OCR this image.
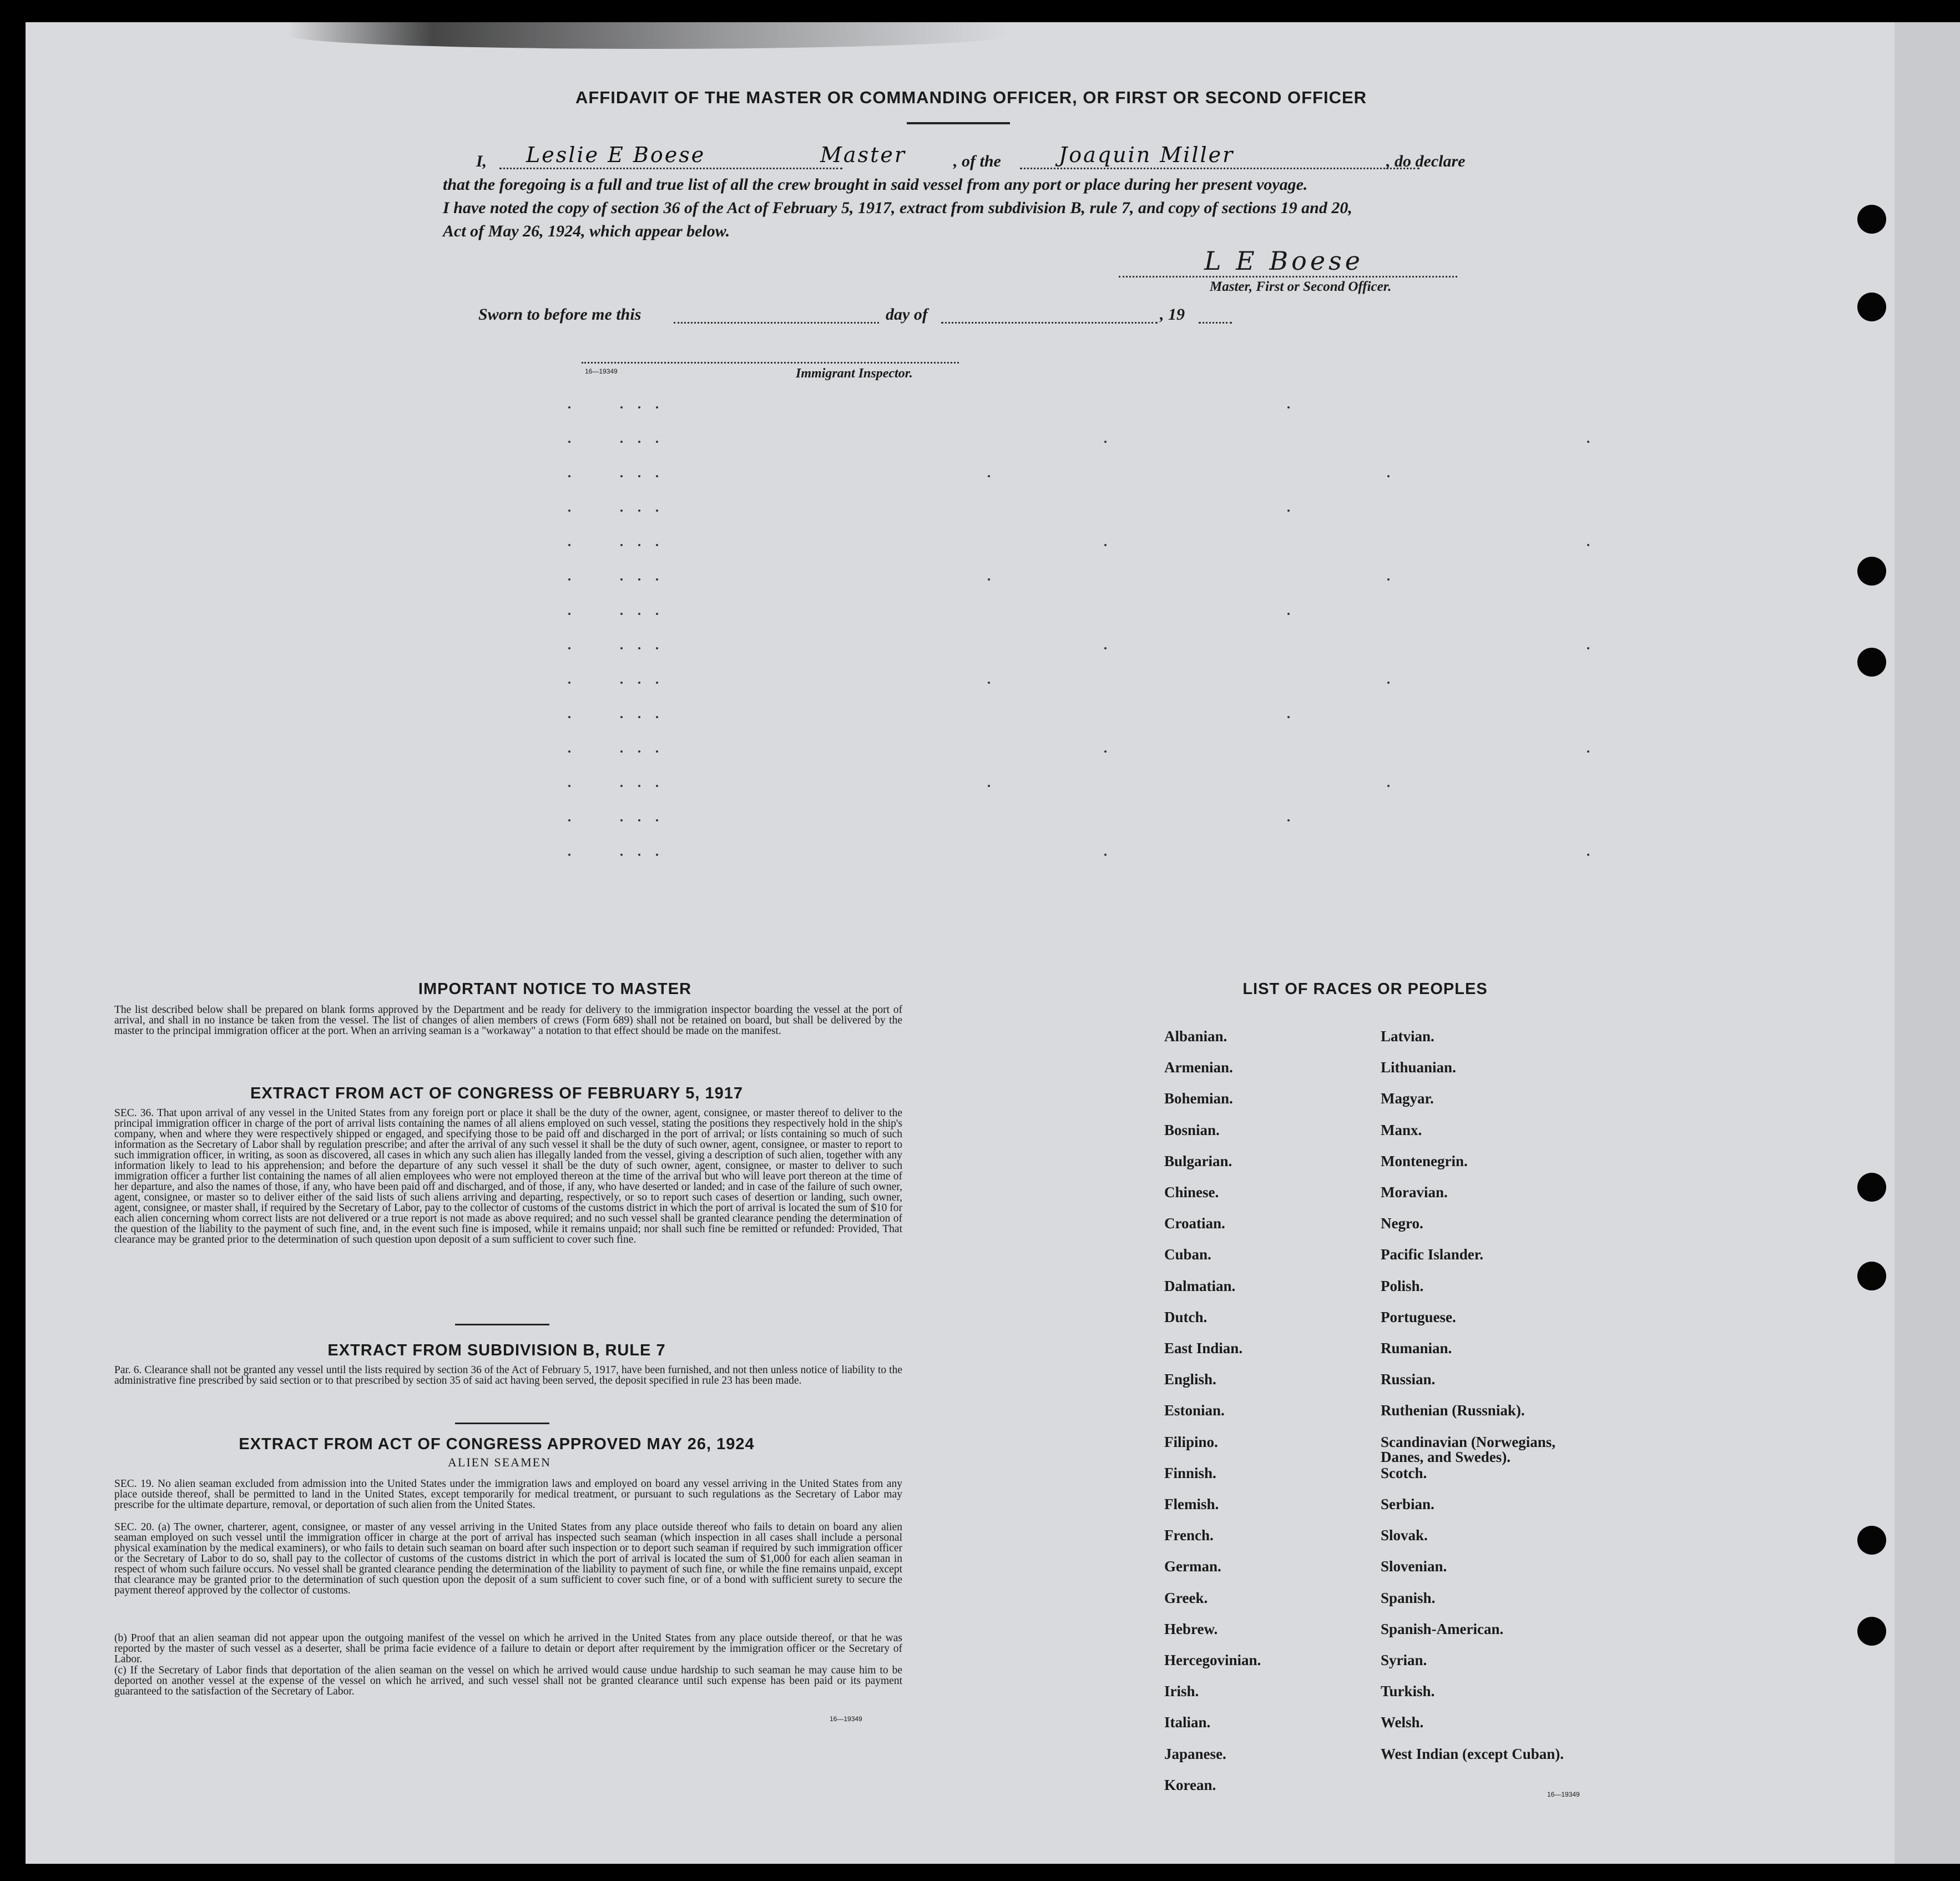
AFFIDAVIT OF THE MASTER OR COMMANDING OFFICER, OR FIRST OR SECOND OFFICER
I, Leslie E Boese	Master	, of the	Joaquin Miller	, do declare
that the foregoing is a full and true list of all the crew brought in said vessel from any port or place during her present voyage.
I have noted the copy of section 36 of the Act of February 5, 1917, extract from subdivision B, rule 7, and copy of sections 19 and 20,
Act of May 26, 1924, which appear below.
L E Boese
Master, First or Second Officer.
Sworn to before me this	day of	, 19
16—19349	Immigrant Inspector.
IMPORTANT NOTICE TO MASTER
The list described below shall be prepared on blank forms approved by the Department and be ready for delivery to the immigration inspector boarding the vessel at the port of arrival, and shall in no instance be taken from the vessel. The list of changes of alien members of crews (Form 689) shall not be retained on board, but shall be delivered by the master to the principal immigration officer at the port. When an arriving seaman is a "workaway" a notation to that effect should be made on the manifest.
EXTRACT FROM ACT OF CONGRESS OF FEBRUARY 5, 1917
SEC. 36. That upon arrival of any vessel in the United States from any foreign port or place it shall be the duty of the owner, agent, consignee, or master thereof to deliver to the principal immigration officer in charge of the port of arrival lists containing the names of all aliens employed on such vessel, stating the positions they respectively hold in the ship's company, when and where they were respectively shipped or engaged, and specifying those to be paid off and discharged in the port of arrival; or lists containing so much of such information as the Secretary of Labor shall by regulation prescribe; and after the arrival of any such vessel it shall be the duty of such owner, agent, consignee, or master to report to such immigration officer, in writing, as soon as discovered, all cases in which any such alien has illegally landed from the vessel, giving a description of such alien, together with any information likely to lead to his apprehension; and before the departure of any such vessel it shall be the duty of such owner, agent, consignee, or master to deliver to such immigration officer a further list containing the names of all alien employees who were not employed thereon at the time of the arrival but who will leave port thereon at the time of her departure, and also the names of those, if any, who have been paid off and discharged, and of those, if any, who have deserted or landed; and in case of the failure of such owner, agent, consignee, or master so to deliver either of the said lists of such aliens arriving and departing, respectively, or so to report such cases of desertion or landing, such owner, agent, consignee, or master shall, if required by the Secretary of Labor, pay to the collector of customs of the customs district in which the port of arrival is located the sum of $10 for each alien concerning whom correct lists are not delivered or a true report is not made as above required; and no such vessel shall be granted clearance pending the determination of the question of the liability to the payment of such fine, and, in the event such fine is imposed, while it remains unpaid; nor shall such fine be remitted or refunded: Provided, That clearance may be granted prior to the determination of such question upon deposit of a sum sufficient to cover such fine.
EXTRACT FROM SUBDIVISION B, RULE 7
Par. 6. Clearance shall not be granted any vessel until the lists required by section 36 of the Act of February 5, 1917, have been furnished, and not then unless notice of liability to the administrative fine prescribed by said section or to that prescribed by section 35 of said act having been served, the deposit specified in rule 23 has been made.
EXTRACT FROM ACT OF CONGRESS APPROVED MAY 26, 1924
ALIEN SEAMEN
SEC. 19. No alien seaman excluded from admission into the United States under the immigration laws and employed on board any vessel arriving in the United States from any place outside thereof, shall be permitted to land in the United States, except temporarily for medical treatment, or pursuant to such regulations as the Secretary of Labor may prescribe for the ultimate departure, removal, or deportation of such alien from the United States.
SEC. 20. (a) The owner, charterer, agent, consignee, or master of any vessel arriving in the United States from any place outside thereof who fails to detain on board any alien seaman employed on such vessel until the immigration officer in charge at the port of arrival has inspected such seaman (which inspection in all cases shall include a personal physical examination by the medical examiners), or who fails to detain such seaman on board after such inspection or to deport such seaman if required by such immigration officer or the Secretary of Labor to do so, shall pay to the collector of customs of the customs district in which the port of arrival is located the sum of $1,000 for each alien seaman in respect of whom such failure occurs. No vessel shall be granted clearance pending the determination of the liability to payment of such fine, or while the fine remains unpaid, except that clearance may be granted prior to the determination of such question upon the deposit of a sum sufficient to cover such fine, or of a bond with sufficient surety to secure the payment thereof approved by the collector of customs.
(b) Proof that an alien seaman did not appear upon the outgoing manifest of the vessel on which he arrived in the United States from any place outside thereof, or that he was reported by the master of such vessel as a deserter, shall be prima facie evidence of a failure to detain or deport after requirement by the immigration officer or the Secretary of Labor.
(c) If the Secretary of Labor finds that deportation of the alien seaman on the vessel on which he arrived would cause undue hardship to such seaman he may cause him to be deported on another vessel at the expense of the vessel on which he arrived, and such vessel shall not be granted clearance until such expense has been paid or its payment guaranteed to the satisfaction of the Secretary of Labor.
16—19349
LIST OF RACES OR PEOPLES
Albanian.
Armenian.
Bohemian.
Bosnian.
Bulgarian.
Chinese.
Croatian.
Cuban.
Dalmatian.
Dutch.
East Indian.
English.
Estonian.
Filipino.
Finnish.
Flemish.
French.
German.
Greek.
Hebrew.
Hercegovinian.
Irish.
Italian.
Japanese.
Korean.
Latvian.
Lithuanian.
Magyar.
Manx.
Montenegrin.
Moravian.
Negro.
Pacific Islander.
Polish.
Portuguese.
Rumanian.
Russian.
Ruthenian (Russniak).
Scandinavian (Norwegians,
Danes, and Swedes).
Scotch.
Serbian.
Slovak.
Slovenian.
Spanish.
Spanish-American.
Syrian.
Turkish.
Welsh.
West Indian (except Cuban).
16—19349
